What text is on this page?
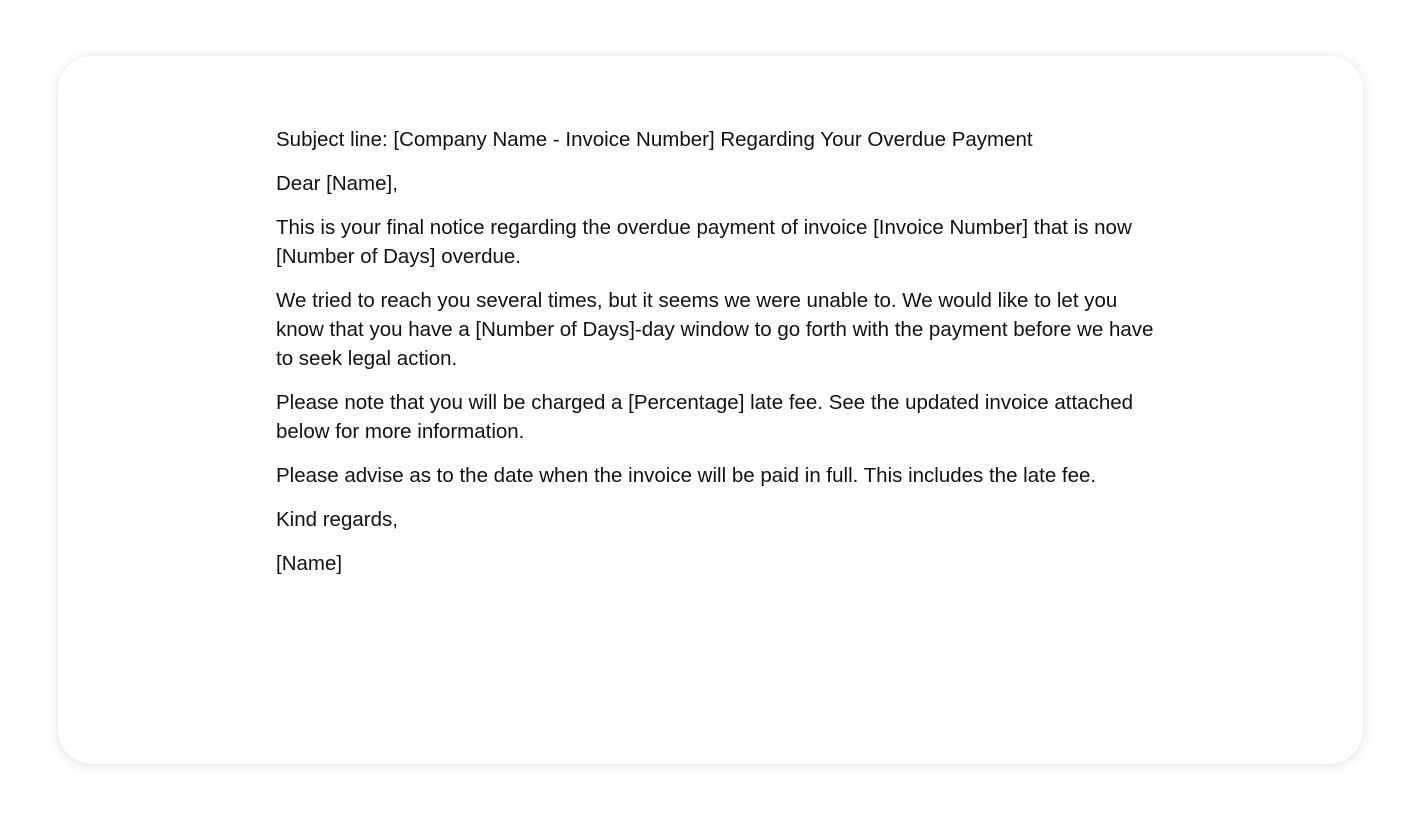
Subject line: [Company Name - Invoice Number] Regarding Your Overdue Payment

Dear [Name],

This is your final notice regarding the overdue payment of invoice [Invoice Number] that is now [Number of Days] overdue.

We tried to reach you several times, but it seems we were unable to. We would like to let you know that you have a [Number of Days]-day window to go forth with the payment before we have to seek legal action.

Please note that you will be charged a [Percentage] late fee. See the updated invoice attached below for more information.

Please advise as to the date when the invoice will be paid in full. This includes the late fee.

Kind regards,

[Name]
